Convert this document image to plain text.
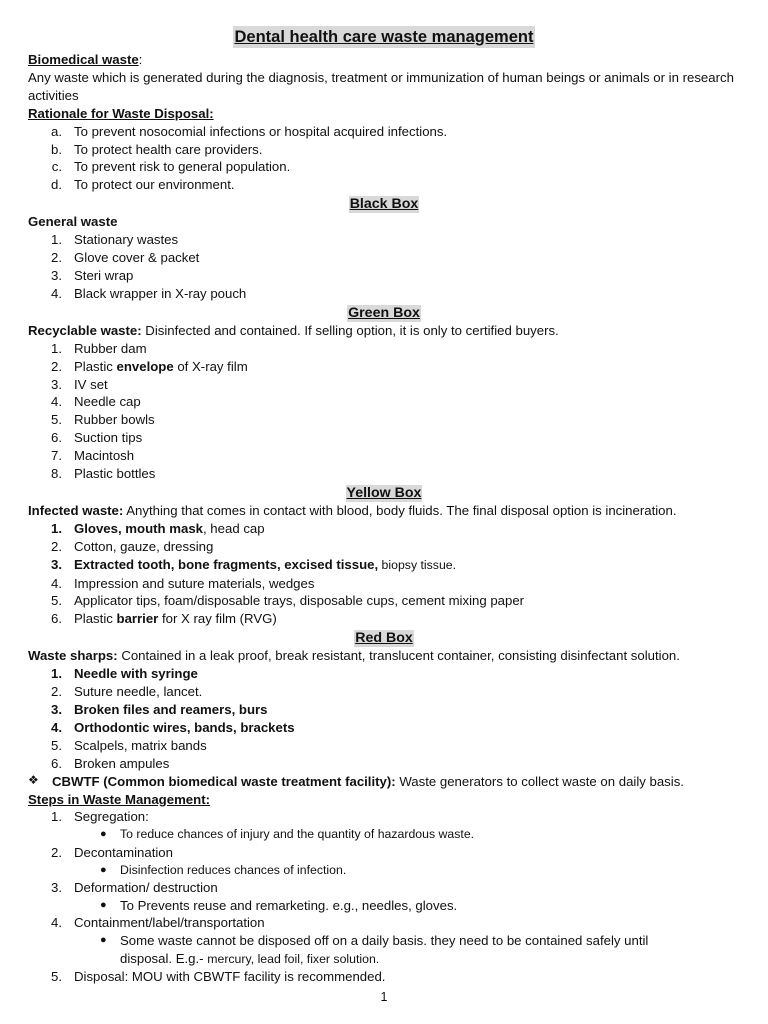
Dental health care waste management
Biomedical waste:
Any waste which is generated during the diagnosis, treatment or immunization of human beings or animals or in research activities
Rationale for Waste Disposal:
a. To prevent nosocomial infections or hospital acquired infections.
b. To protect health care providers.
c. To prevent risk to general population.
d. To protect our environment.
Black Box
General waste
1. Stationary wastes
2. Glove cover & packet
3. Steri wrap
4. Black wrapper in X-ray pouch
Green Box
Recyclable waste: Disinfected and contained. If selling option, it is only to certified buyers.
1. Rubber dam
2. Plastic envelope of X-ray film
3. IV set
4. Needle cap
5. Rubber bowls
6. Suction tips
7. Macintosh
8. Plastic bottles
Yellow Box
Infected waste: Anything that comes in contact with blood, body fluids. The final disposal option is incineration.
1. Gloves, mouth mask, head cap
2. Cotton, gauze, dressing
3. Extracted tooth, bone fragments, excised tissue, biopsy tissue.
4. Impression and suture materials, wedges
5. Applicator tips, foam/disposable trays, disposable cups, cement mixing paper
6. Plastic barrier for X ray film (RVG)
Red Box
Waste sharps: Contained in a leak proof, break resistant, translucent container, consisting disinfectant solution.
1. Needle with syringe
2. Suture needle, lancet.
3. Broken files and reamers, burs
4. Orthodontic wires, bands, brackets
5. Scalpels, matrix bands
6. Broken ampules
❖ CBWTF (Common biomedical waste treatment facility): Waste generators to collect waste on daily basis.
Steps in Waste Management:
1. Segregation:
● To reduce chances of injury and the quantity of hazardous waste.
2. Decontamination
● Disinfection reduces chances of infection.
3. Deformation/ destruction
● To Prevents reuse and remarketing. e.g., needles, gloves.
4. Containment/label/transportation
● Some waste cannot be disposed off on a daily basis. they need to be contained safely until disposal. E.g.- mercury, lead foil, fixer solution.
5. Disposal: MOU with CBWTF facility is recommended.
1
